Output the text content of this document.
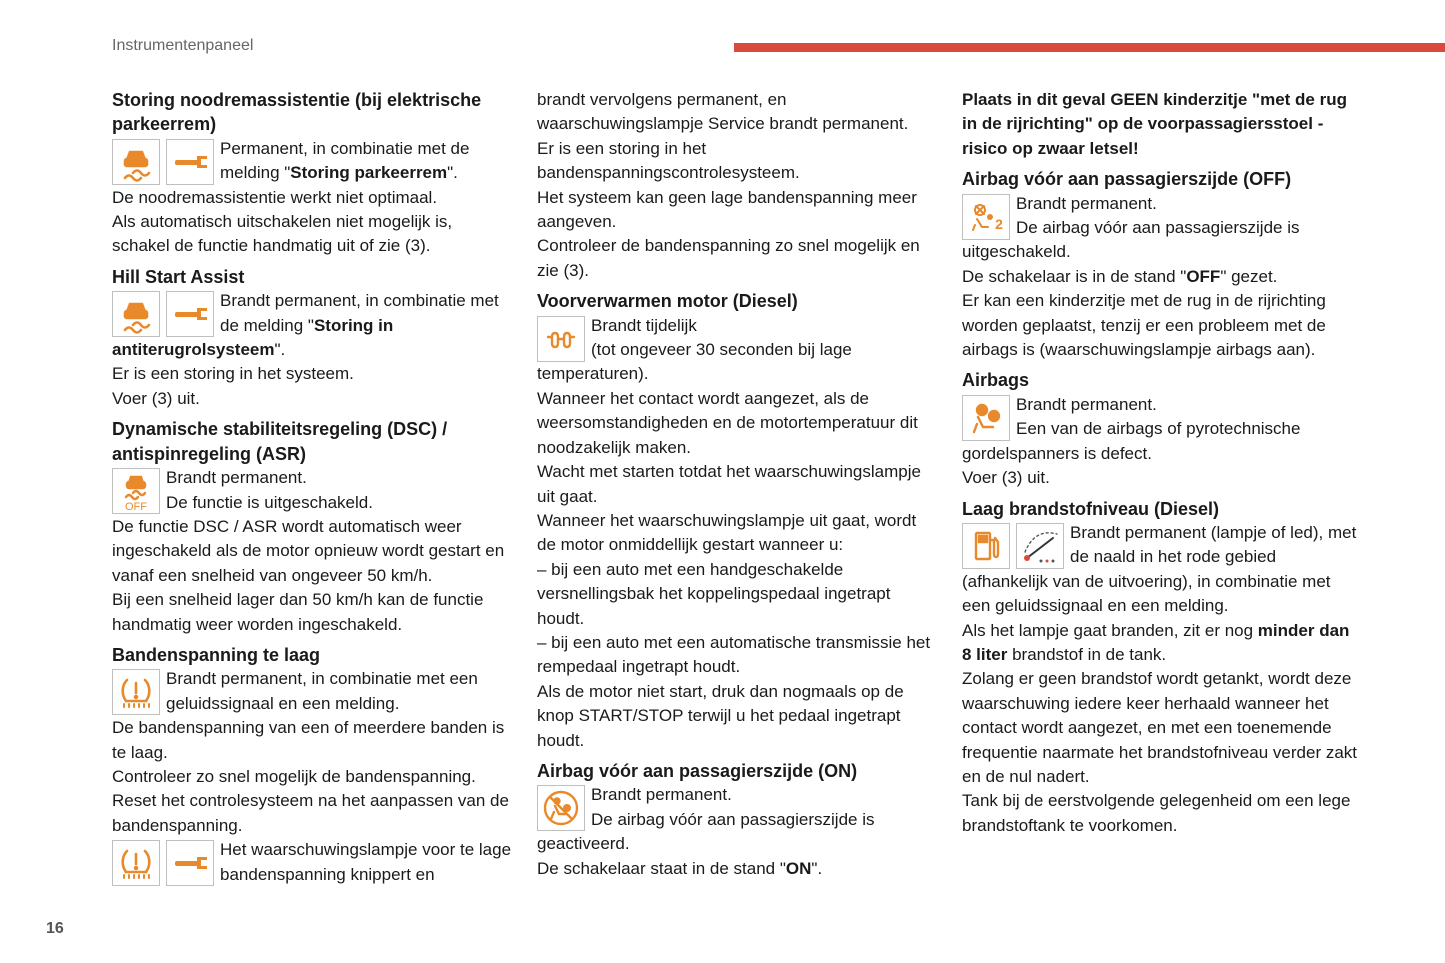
Instrumentenpaneel
16
Storing noodremassistentie (bij elektrische parkeerrem)

Permanent, in combinatie met de melding "Storing parkeerrem".

De noodremassistentie werkt niet optimaal.

Als automatisch uitschakelen niet mogelijk is, schakel de functie handmatig uit of zie (3).

Hill Start Assist

Brandt permanent, in combinatie met de melding "Storing in antiterugrolsysteem".

Er is een storing in het systeem.

Voer (3) uit.

Dynamische stabiliteitsregeling (DSC) / antispinregeling (ASR)
OFF

Brandt permanent.

De functie is uitgeschakeld.

De functie DSC / ASR wordt automatisch weer ingeschakeld als de motor opnieuw wordt gestart en vanaf een snelheid van ongeveer 50 km/h.

Bij een snelheid lager dan 50 km/h kan de functie handmatig weer worden ingeschakeld.

Bandenspanning te laag

Brandt permanent, in combinatie met een geluidssignaal en een melding.

De bandenspanning van een of meerdere banden is te laag.

Controleer zo snel mogelijk de bandenspanning.

Reset het controlesysteem na het aanpassen van de bandenspanning.

Het waarschuwingslampje voor te lage bandenspanning knippert en

brandt vervolgens permanent, en waarschuwingslampje Service brandt permanent.

Er is een storing in het bandenspanningscontrolesysteem.

Het systeem kan geen lage bandenspanning meer aangeven.

Controleer de bandenspanning zo snel mogelijk en zie (3).

Voorverwarmen motor (Diesel)

Brandt tijdelijk

(tot ongeveer 30 seconden bij lage temperaturen).

Wanneer het contact wordt aangezet, als de weersomstandigheden en de motortemperatuur dit noodzakelijk maken.

Wacht met starten totdat het waarschuwingslampje uit gaat.

Wanneer het waarschuwingslampje uit gaat, wordt de motor onmiddellijk gestart wanneer u:

– bij een auto met een handgeschakelde versnellingsbak het koppelingspedaal ingetrapt houdt.

– bij een auto met een automatische transmissie het rempedaal ingetrapt houdt.

Als de motor niet start, druk dan nogmaals op de knop START/STOP terwijl u het pedaal ingetrapt houdt.

Airbag vóór aan passagierszijde (ON)

Brandt permanent.

De airbag vóór aan passagierszijde is geactiveerd.

De schakelaar staat in de stand "ON".

Plaats in dit geval GEEN kinderzitje "met de rug in de rijrichting" op de voorpassagiersstoel - risico op zwaar letsel!

Airbag vóór aan passagierszijde (OFF)
2

Brandt permanent.

De airbag vóór aan passagierszijde is uitgeschakeld.

De schakelaar is in de stand "OFF" gezet.

Er kan een kinderzitje met de rug in de rijrichting worden geplaatst, tenzij er een probleem met de airbags is (waarschuwingslampje airbags aan).

Airbags

Brandt permanent.

Een van de airbags of pyrotechnische gordelspanners is defect.

Voer (3) uit.

Laag brandstofniveau (Diesel)

Brandt permanent (lampje of led), met de naald in het rode gebied (afhankelijk van de uitvoering), in combinatie met een geluidssignaal en een melding.

Als het lampje gaat branden, zit er nog minder dan 8 liter brandstof in de tank.

Zolang er geen brandstof wordt getankt, wordt deze waarschuwing iedere keer herhaald wanneer het contact wordt aangezet, en met een toenemende frequentie naarmate het brandstofniveau verder zakt en de nul nadert.

Tank bij de eerstvolgende gelegenheid om een lege brandstoftank te voorkomen.
